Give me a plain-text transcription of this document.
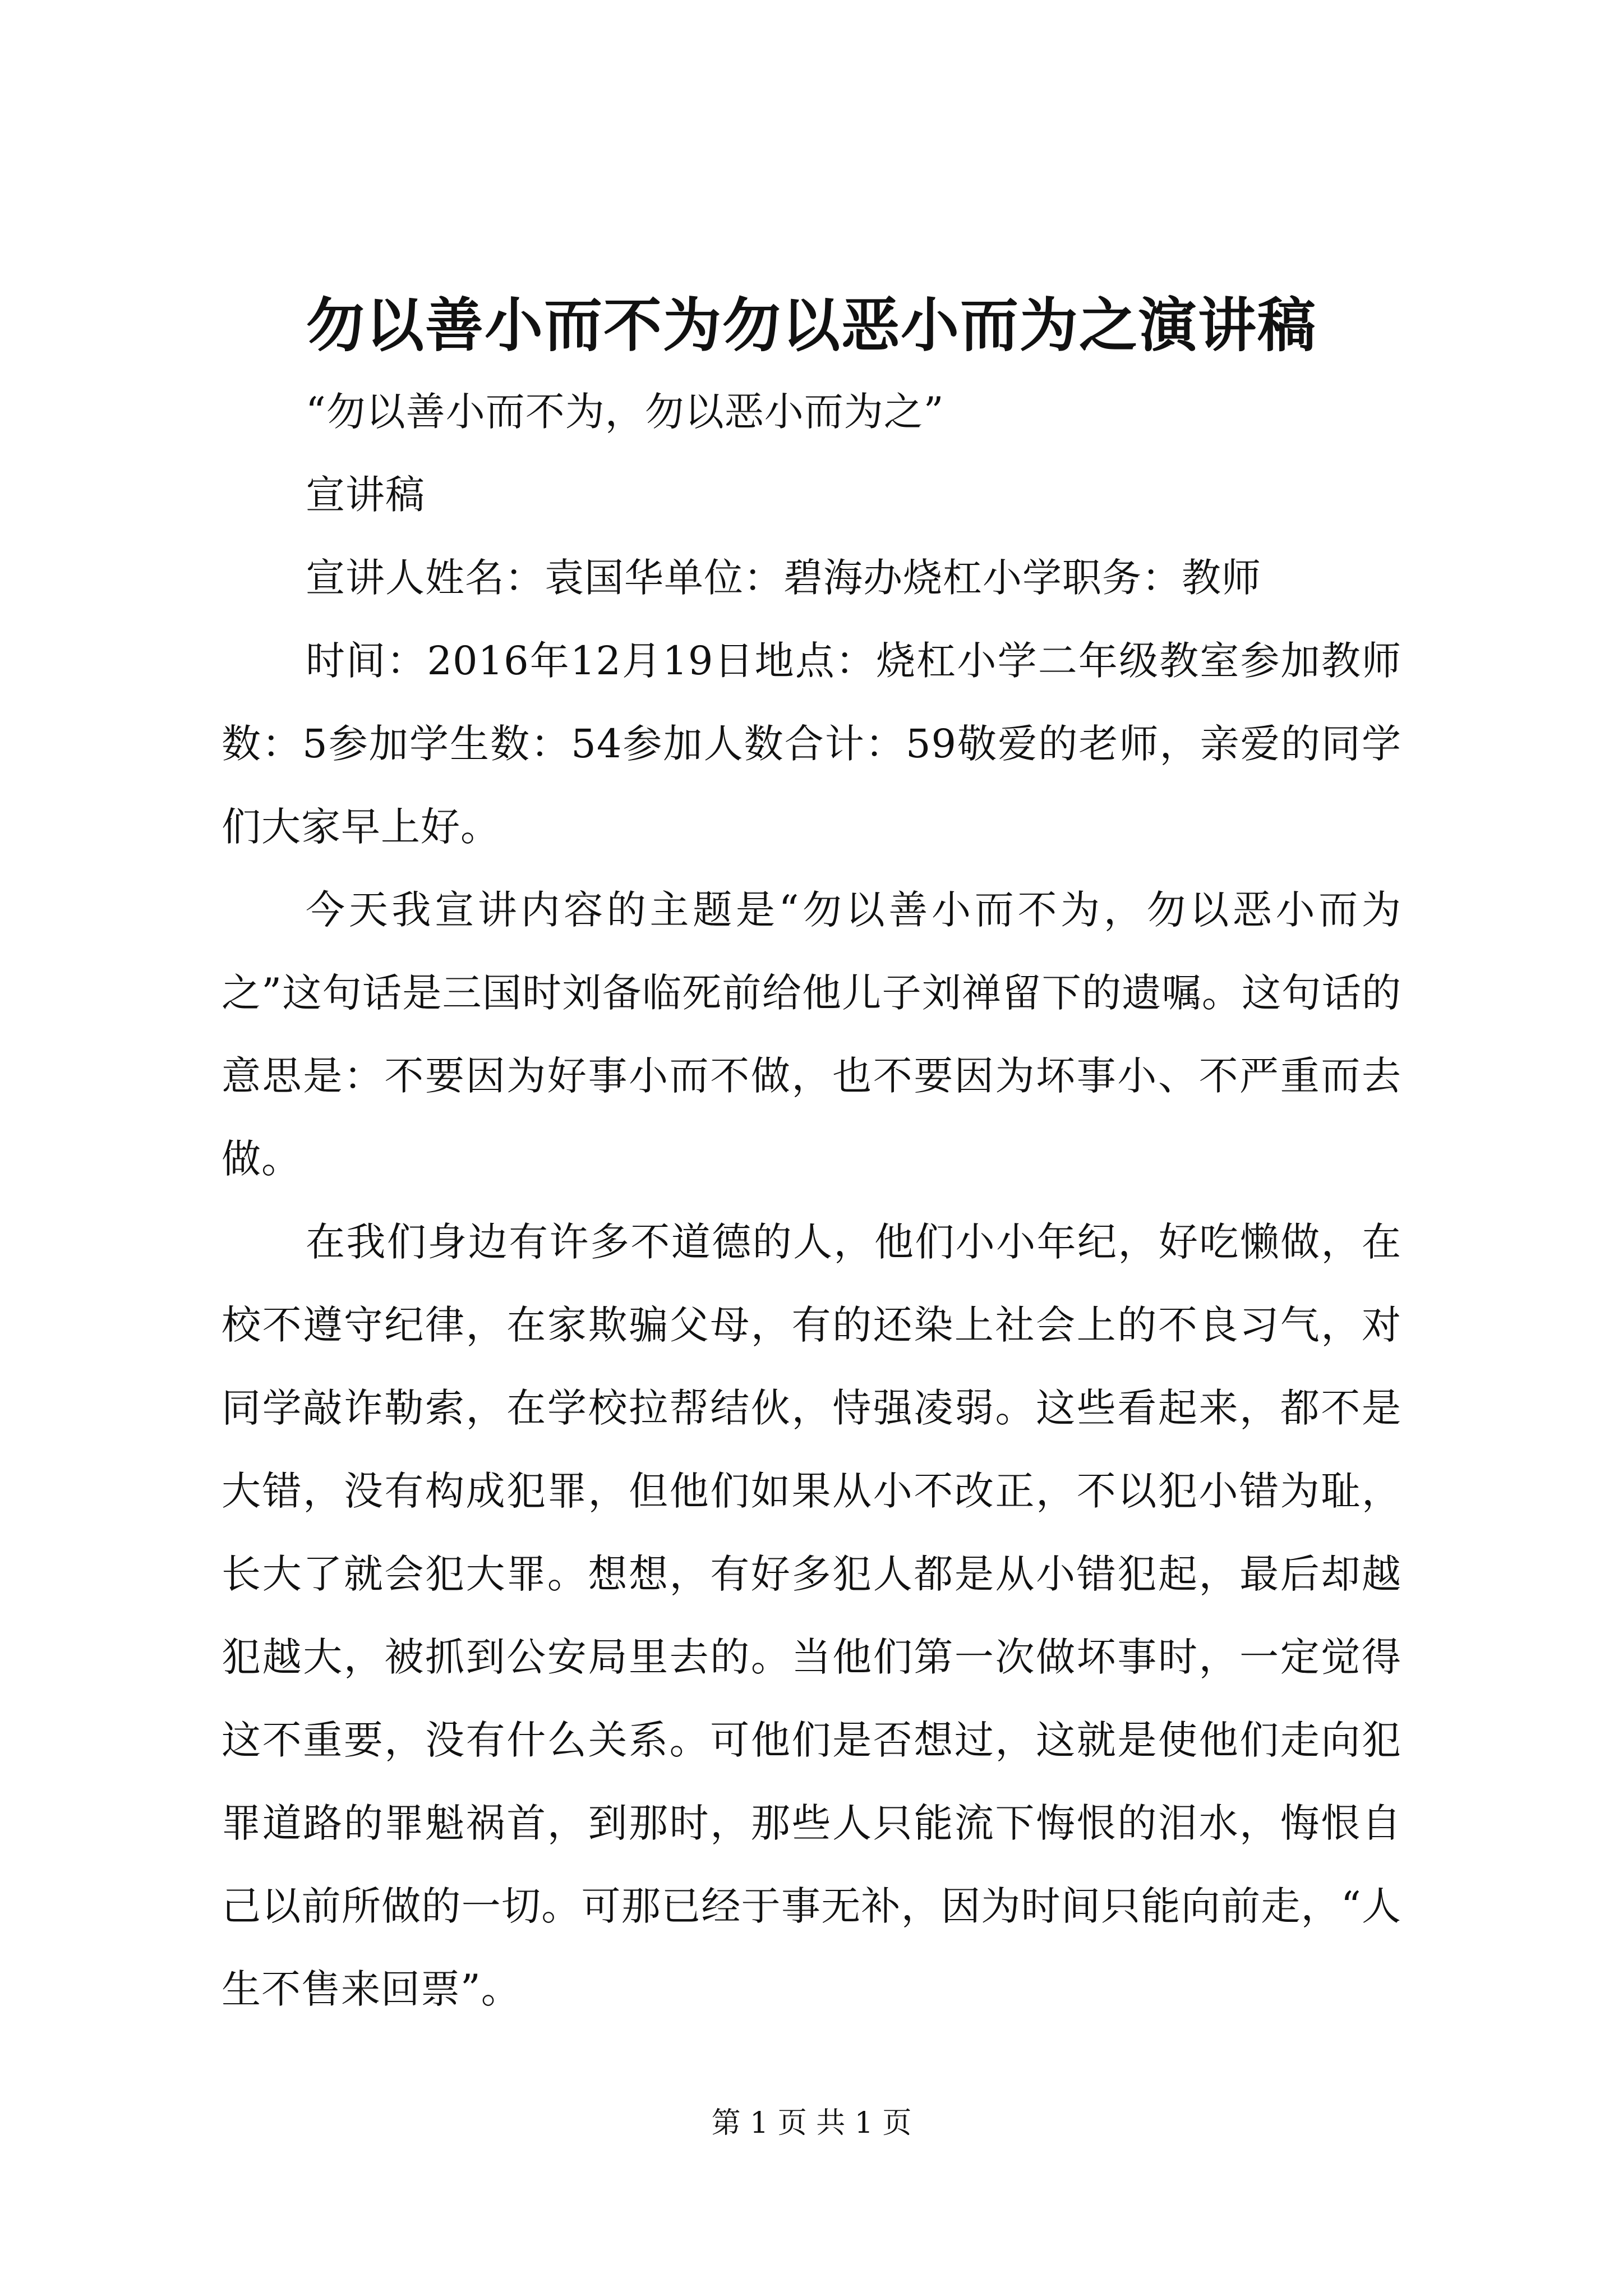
勿以善小而不为勿以恶小而为之演讲稿

“勿以善小而不为，勿以恶小而为之”

宣讲稿

宣讲人姓名：袁国华单位：碧海办烧杠小学职务：教师

时间：2016年12月19日地点：烧杠小学二年级教室参加教师数：5参加学生数：54参加人数合计：59敬爱的老师，亲爱的同学们大家早上好。

今天我宣讲内容的主题是“勿以善小而不为，勿以恶小而为之”这句话是三国时刘备临死前给他儿子刘禅留下的遗嘱。这句话的意思是：不要因为好事小而不做，也不要因为坏事小、不严重而去做。

在我们身边有许多不道德的人，他们小小年纪，好吃懒做，在校不遵守纪律，在家欺骗父母，有的还染上社会上的不良习气，对同学敲诈勒索，在学校拉帮结伙，恃强凌弱。这些看起来，都不是大错，没有构成犯罪，但他们如果从小不改正，不以犯小错为耻，长大了就会犯大罪。想想，有好多犯人都是从小错犯起，最后却越犯越大，被抓到公安局里去的。当他们第一次做坏事时，一定觉得这不重要，没有什么关系。可他们是否想过，这就是使他们走向犯罪道路的罪魁祸首，到那时，那些人只能流下悔恨的泪水，悔恨自己以前所做的一切。可那已经于事无补，因为时间只能向前走，“人生不售来回票”。

第 1 页 共 1 页
